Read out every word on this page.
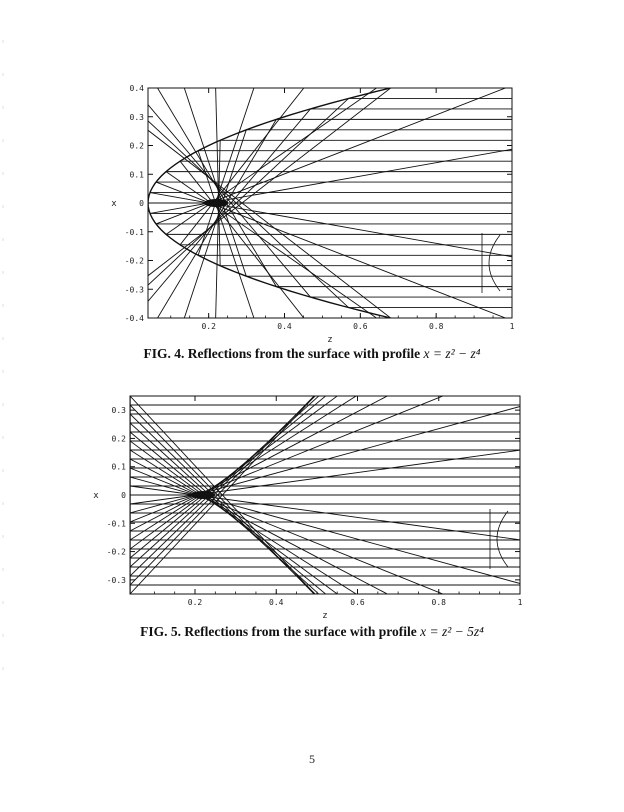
0.2	0.4	0.6	0.8	1
0.4
0.3
0.2
0.1
0
-0.1
-0.2
-0.3
-0.4
z
x
FIG. 4. Reflections from the surface with profile x = z² − z⁴
0.2	0.4	0.6	0.8	1
0.3
0.2
0.1
0
-0.1
-0.2
-0.3
z
x
FIG. 5. Reflections from the surface with profile x = z² − 5z⁴
5
